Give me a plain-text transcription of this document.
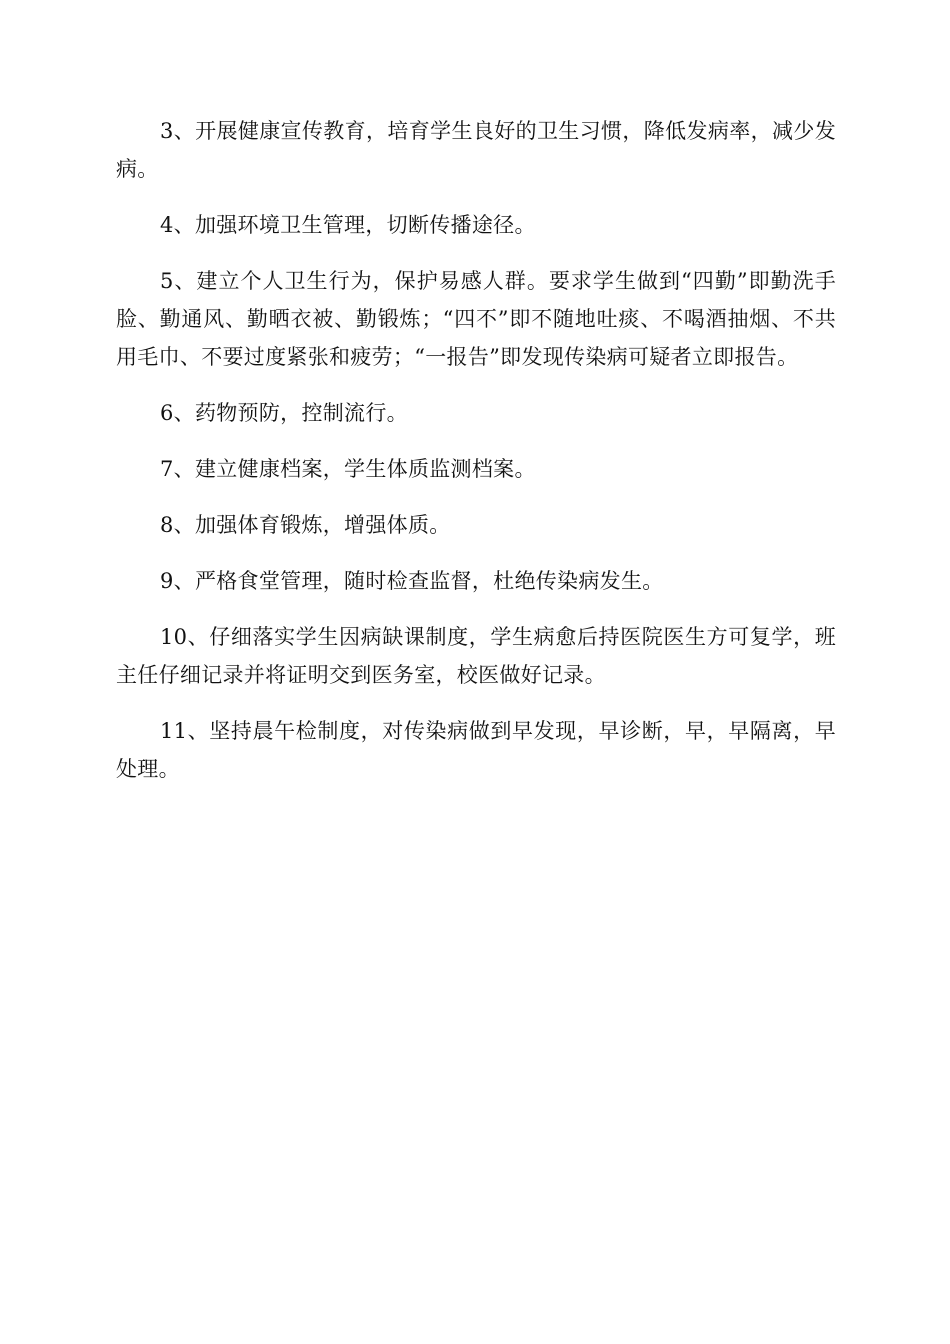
3、开展健康宣传教育，培育学生良好的卫生习惯，降低发病率，减少发病。

4、加强环境卫生管理，切断传播途径。

5、建立个人卫生行为，保护易感人群。要求学生做到“四勤”即勤洗手脸、勤通风、勤晒衣被、勤锻炼；“四不”即不随地吐痰、不喝酒抽烟、不共用毛巾、不要过度紧张和疲劳；“一报告”即发现传染病可疑者立即报告。

6、药物预防，控制流行。

7、建立健康档案，学生体质监测档案。

8、加强体育锻炼，增强体质。

9、严格食堂管理，随时检查监督，杜绝传染病发生。

10、仔细落实学生因病缺课制度，学生病愈后持医院医生方可复学，班主任仔细记录并将证明交到医务室，校医做好记录。

11、坚持晨午检制度，对传染病做到早发现，早诊断，早，早隔离，早处理。
